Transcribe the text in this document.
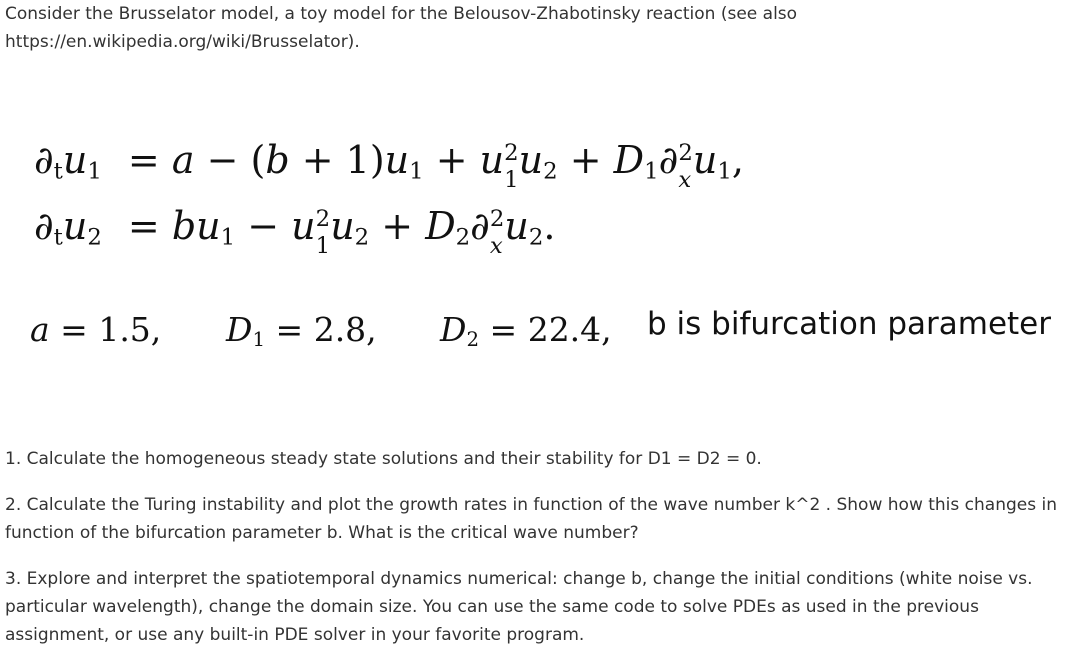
Consider the Brusselator model, a toy model for the Belousov-Zhabotinsky reaction (see also

https://en.wikipedia.org/wiki/Brusselator).

$\partial_tu_1 = a - (b + 1)u_1 + u$ 2
1 $u_2 + D_1\partial$ 2
x $u_1$,
$\partial_tu_2 = bu_1 - u$ 2
1 $u_2 + D_2\partial$ 2
x $u_2$.
a = 1.5, $D_1 = 2.8$, $D_2 = 22.4$, b is bifurcation parameter

1. Calculate the homogeneous steady state solutions and their stability for D1 = D2 = 0.

2. Calculate the Turing instability and plot the growth rates in function of the wave number k^2 . Show how this changes in function of the bifurcation parameter b. What is the critical wave number?

3. Explore and interpret the spatiotemporal dynamics numerical: change b, change the initial conditions (white noise vs. particular wavelength), change the domain size. You can use the same code to solve PDEs as used in the previous assignment, or use any built-in PDE solver in your favorite program.
